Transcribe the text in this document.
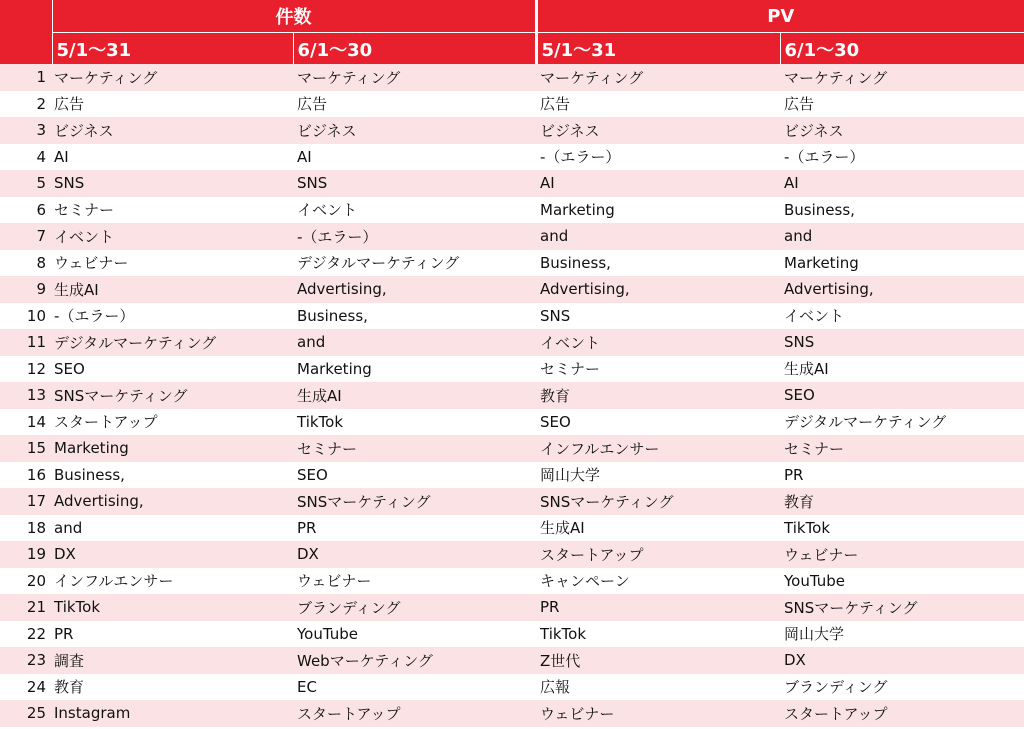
	件数		PV	
	5/1～31	6/1～30	5/1～31	6/1～30
1	マーケティング	マーケティング	マーケティング	マーケティング
2	広告	広告	広告	広告
3	ビジネス	ビジネス	ビジネス	ビジネス
4	AI	AI	-（エラー）	-（エラー）
5	SNS	SNS	AI	AI
6	セミナー	イベント	Marketing	Business,
7	イベント	-（エラー）	and	and
8	ウェビナー	デジタルマーケティング	Business,	Marketing
9	生成AI	Advertising,	Advertising,	Advertising,
10	-（エラー）	Business,	SNS	イベント
11	デジタルマーケティング	and	イベント	SNS
12	SEO	Marketing	セミナー	生成AI
13	SNSマーケティング	生成AI	教育	SEO
14	スタートアップ	TikTok	SEO	デジタルマーケティング
15	Marketing	セミナー	インフルエンサー	セミナー
16	Business,	SEO	岡山大学	PR
17	Advertising,	SNSマーケティング	SNSマーケティング	教育
18	and	PR	生成AI	TikTok
19	DX	DX	スタートアップ	ウェビナー
20	インフルエンサー	ウェビナー	キャンペーン	YouTube
21	TikTok	ブランディング	PR	SNSマーケティング
22	PR	YouTube	TikTok	岡山大学
23	調査	Webマーケティング	Z世代	DX
24	教育	EC	広報	ブランディング
25	Instagram	スタートアップ	ウェビナー	スタートアップ
